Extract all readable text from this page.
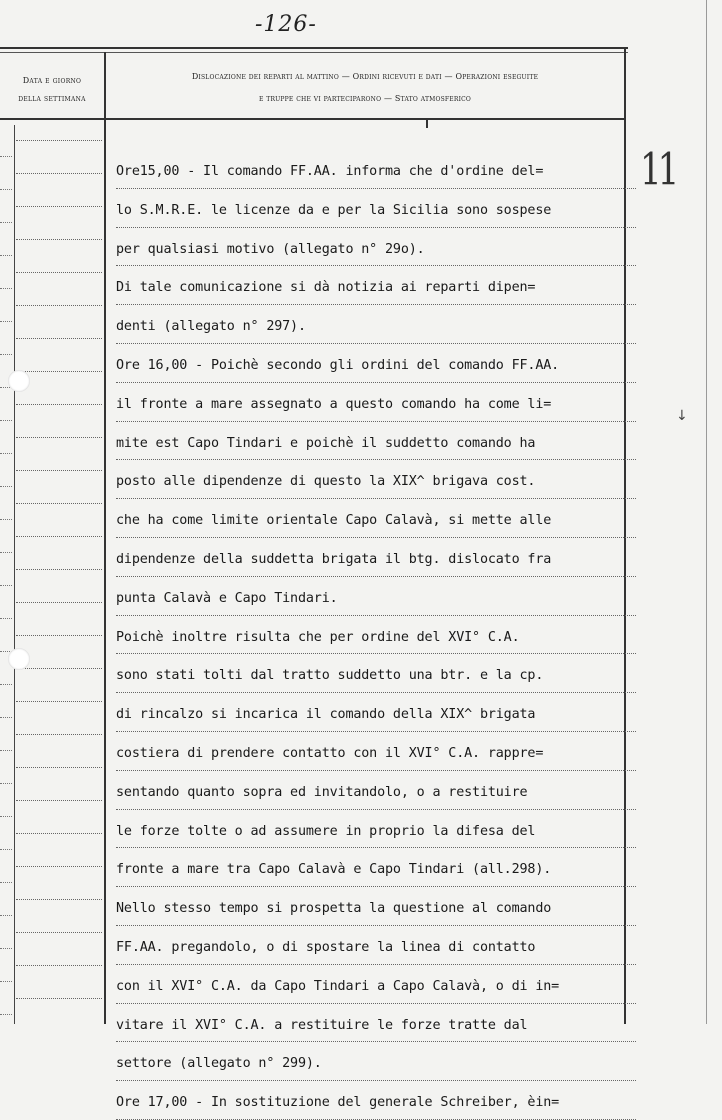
-126-
Data e giorno
della settimana
Dislocazione dei reparti al mattino — Ordini ricevuti e dati — Operazioni eseguite
e truppe che vi parteciparono — Stato atmosferico
Ore15,00 - Il comando FF.AA. informa che d'ordine del=
lo S.M.R.E. le licenze da e per la Sicilia sono sospese
per qualsiasi motivo (allegato n° 29o).
Di tale comunicazione si dà notizia ai reparti dipen=
denti (allegato n° 297).
Ore 16,00 - Poichè secondo gli ordini del comando FF.AA.
il fronte a mare assegnato a questo comando ha come li=
mite est Capo Tindari e poichè il suddetto comando ha
posto alle dipendenze di questo la XIX^ brigava cost.
che ha come limite orientale Capo Calavà, si mette alle
dipendenze della suddetta brigata il btg. dislocato fra
punta Calavà e Capo Tindari.
Poichè inoltre risulta che per ordine del XVI° C.A.
sono stati tolti dal tratto suddetto una btr. e la cp.
di rincalzo si incarica il comando della XIX^ brigata
costiera di prendere contatto con il XVI° C.A. rappre=
sentando quanto sopra ed invitandolo, o a restituire
le forze tolte o ad assumere in proprio la difesa del
fronte a mare tra Capo Calavà e Capo Tindari (all.298).
Nello stesso tempo si prospetta la questione al comando
FF.AA. pregandolo, o di spostare la linea di contatto
con il XVI° C.A. da Capo Tindari a Capo Calavà, o di in=
vitare il XVI° C.A. a restituire le forze tratte dal
settore (allegato n° 299).
Ore 17,00 - In sostituzione del generale Schreiber, èin=
11
↓
